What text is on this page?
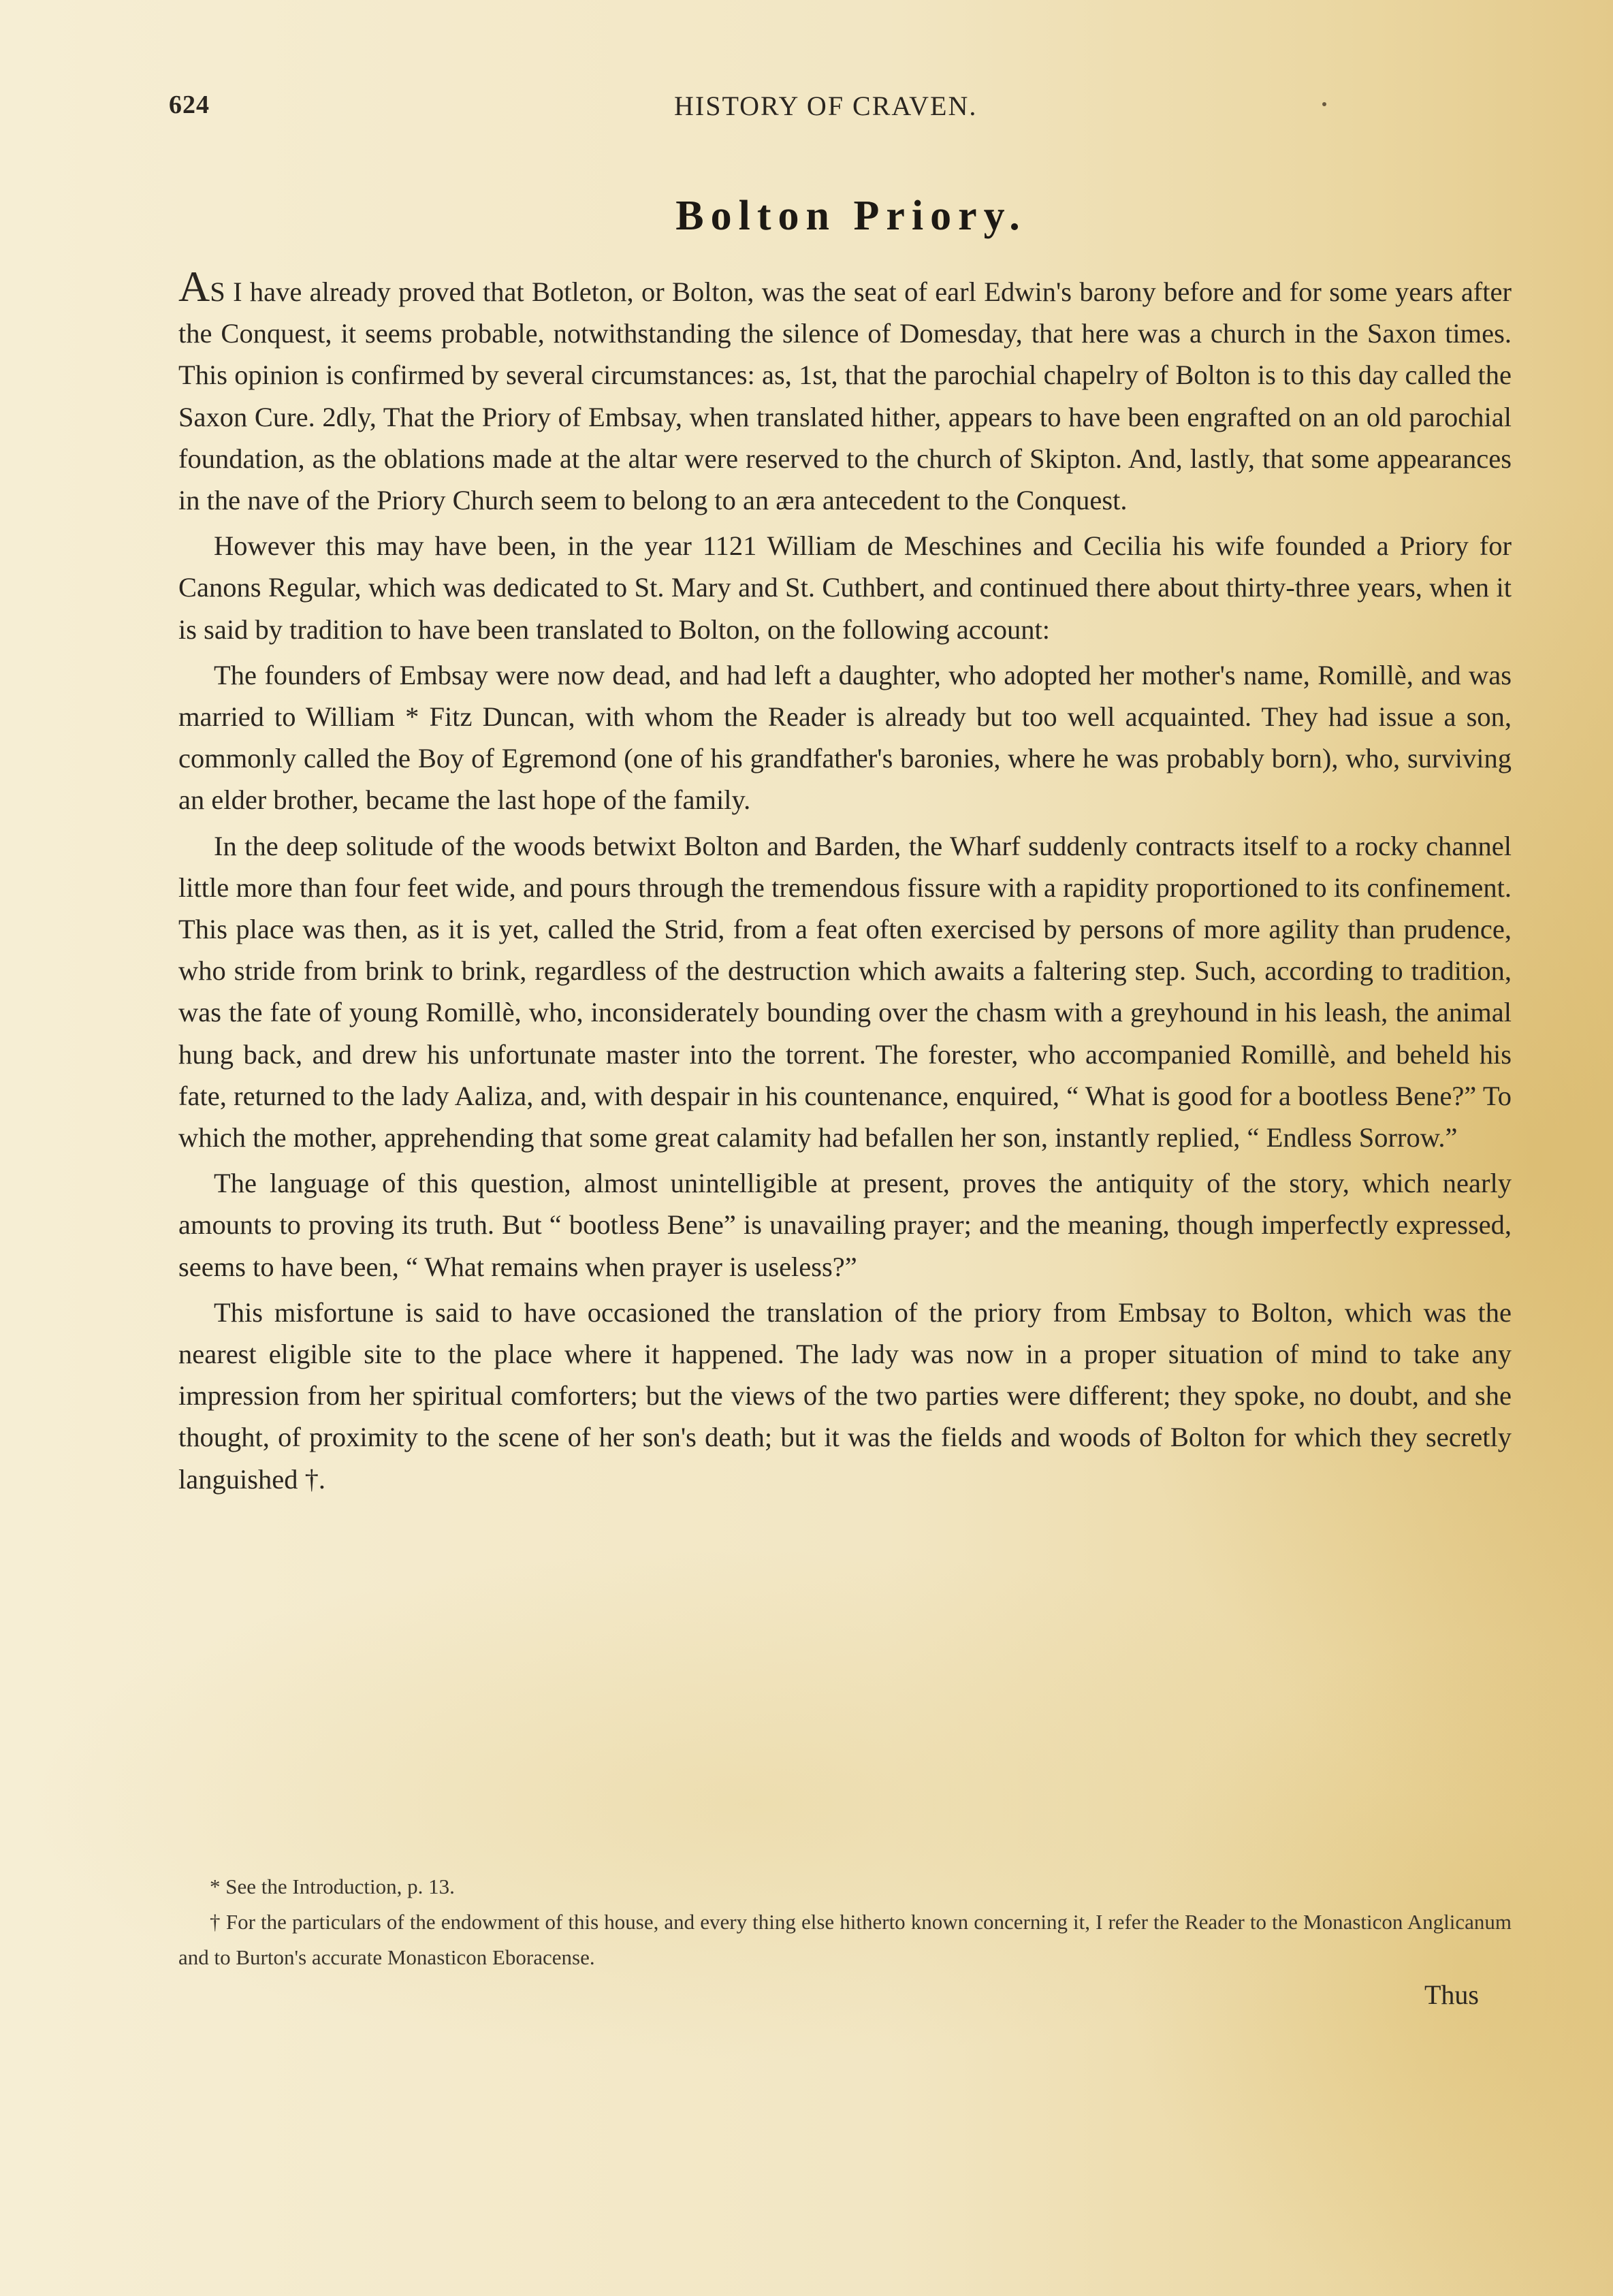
624	HISTORY OF CRAVEN.
Bolton Priory.

AS I have already proved that Botleton, or Bolton, was the seat of earl Edwin's barony before and for some years after the Conquest, it seems probable, notwithstanding the silence of Domesday, that here was a church in the Saxon times. This opinion is confirmed by several circumstances: as, 1st, that the parochial chapelry of Bolton is to this day called the Saxon Cure. 2dly, That the Priory of Embsay, when translated hither, appears to have been engrafted on an old parochial foundation, as the oblations made at the altar were reserved to the church of Skipton. And, lastly, that some appearances in the nave of the Priory Church seem to belong to an æra antecedent to the Conquest.

However this may have been, in the year 1121 William de Meschines and Cecilia his wife founded a Priory for Canons Regular, which was dedicated to St. Mary and St. Cuthbert, and continued there about thirty-three years, when it is said by tradition to have been translated to Bolton, on the following account:

The founders of Embsay were now dead, and had left a daughter, who adopted her mother's name, Romillè, and was married to William * Fitz Duncan, with whom the Reader is already but too well acquainted. They had issue a son, commonly called the Boy of Egremond (one of his grandfather's baronies, where he was probably born), who, surviving an elder brother, became the last hope of the family.

In the deep solitude of the woods betwixt Bolton and Barden, the Wharf suddenly contracts itself to a rocky channel little more than four feet wide, and pours through the tremendous fissure with a rapidity proportioned to its confinement. This place was then, as it is yet, called the Strid, from a feat often exercised by persons of more agility than prudence, who stride from brink to brink, regardless of the destruction which awaits a faltering step. Such, according to tradition, was the fate of young Romillè, who, inconsiderately bounding over the chasm with a greyhound in his leash, the animal hung back, and drew his unfortunate master into the torrent. The forester, who accompanied Romillè, and beheld his fate, returned to the lady Aaliza, and, with despair in his countenance, enquired, “ What is good for a bootless Bene?” To which the mother, apprehending that some great calamity had befallen her son, instantly replied, “ Endless Sorrow.”

The language of this question, almost unintelligible at present, proves the antiquity of the story, which nearly amounts to proving its truth. But “ bootless Bene” is unavailing prayer; and the meaning, though imperfectly expressed, seems to have been, “ What remains when prayer is useless?”

This misfortune is said to have occasioned the translation of the priory from Embsay to Bolton, which was the nearest eligible site to the place where it happened. The lady was now in a proper situation of mind to take any impression from her spiritual comforters; but the views of the two parties were different; they spoke, no doubt, and she thought, of proximity to the scene of her son's death; but it was the fields and woods of Bolton for which they secretly languished †.

* See the Introduction, p. 13.

† For the particulars of the endowment of this house, and every thing else hitherto known concerning it, I refer the Reader to the Monasticon Anglicanum and to Burton's accurate Monasticon Eboracense.

Thus
